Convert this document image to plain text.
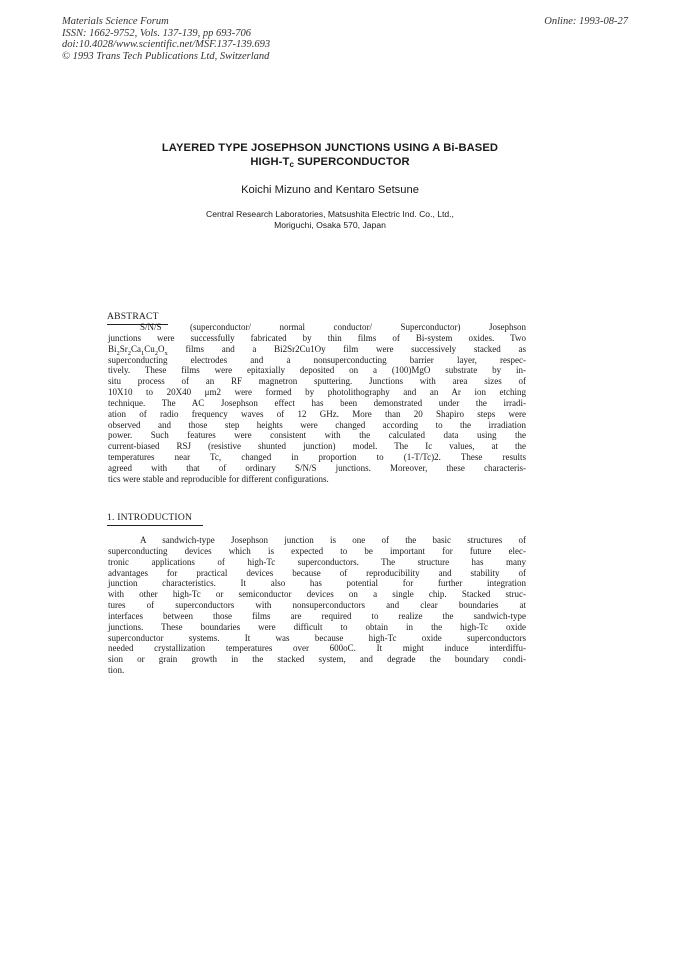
Materials Science Forum
ISSN: 1662-9752, Vols. 137-139, pp 693-706
doi:10.4028/www.scientific.net/MSF.137-139.693
© 1993 Trans Tech Publications Ltd, Switzerland
Online: 1993-08-27
LAYERED TYPE JOSEPHSON JUNCTIONS USING A Bi-BASED
HIGH-$T_c$ SUPERCONDUCTOR
Koichi Mizuno and Kentaro Setsune
Central Research Laboratories, Matsushita Electric Ind. Co., Ltd.,
Moriguchi, Osaka 570, Japan
ABSTRACT
S/N/S (superconductor/ normal conductor/ Superconductor) Josephson
junctions were successfully fabricated by thin films of Bi-system oxides. Two
$Bi_2Sr_2Ca_1Cu_2O_x$ films and a Bi2Sr2Cu1Oy film were successively stacked as
superconducting electrodes and a nonsuperconducting barrier layer, respec-
tively. These films were epitaxially deposited on a (100)MgO substrate by in-
situ process of an RF magnetron sputtering. Junctions with area sizes of
10X10 to 20X40 μm2 were formed by photolithography and an Ar ion etching
technique. The AC Josephson effect has been demonstrated under the irradi-
ation of radio frequency waves of 12 GHz. More than 20 Shapiro steps were
observed and those step heights were changed according to the irradiation
power. Such features were consistent with the calculated data using the
current-biased RSJ (resistive shunted junction) model. The Ic values, at the
temperatures near Tc, changed in proportion to (1-T/Tc)2. These results
agreed with that of ordinary S/N/S junctions. Moreover, these characteris-
tics were stable and reproducible for different configurations.
1. INTRODUCTION
A sandwich-type Josephson junction is one of the basic structures of
superconducting devices which is expected to be important for future elec-
tronic applications of high-Tc superconductors. The structure has many
advantages for practical devices because of reproducibility and stability of
junction characteristics. It also has potential for further integration
with other high-Tc or semiconductor devices on a single chip. Stacked struc-
tures of superconductors with nonsuperconductors and clear boundaries at
interfaces between those films are required to realize the sandwich-type
junctions. These boundaries were difficult to obtain in the high-Tc oxide
superconductor systems. It was because high-Tc oxide superconductors
needed crystallization temperatures over 600oC. It might induce interdiffu-
sion or grain growth in the stacked system, and degrade the boundary condi-
tion.
